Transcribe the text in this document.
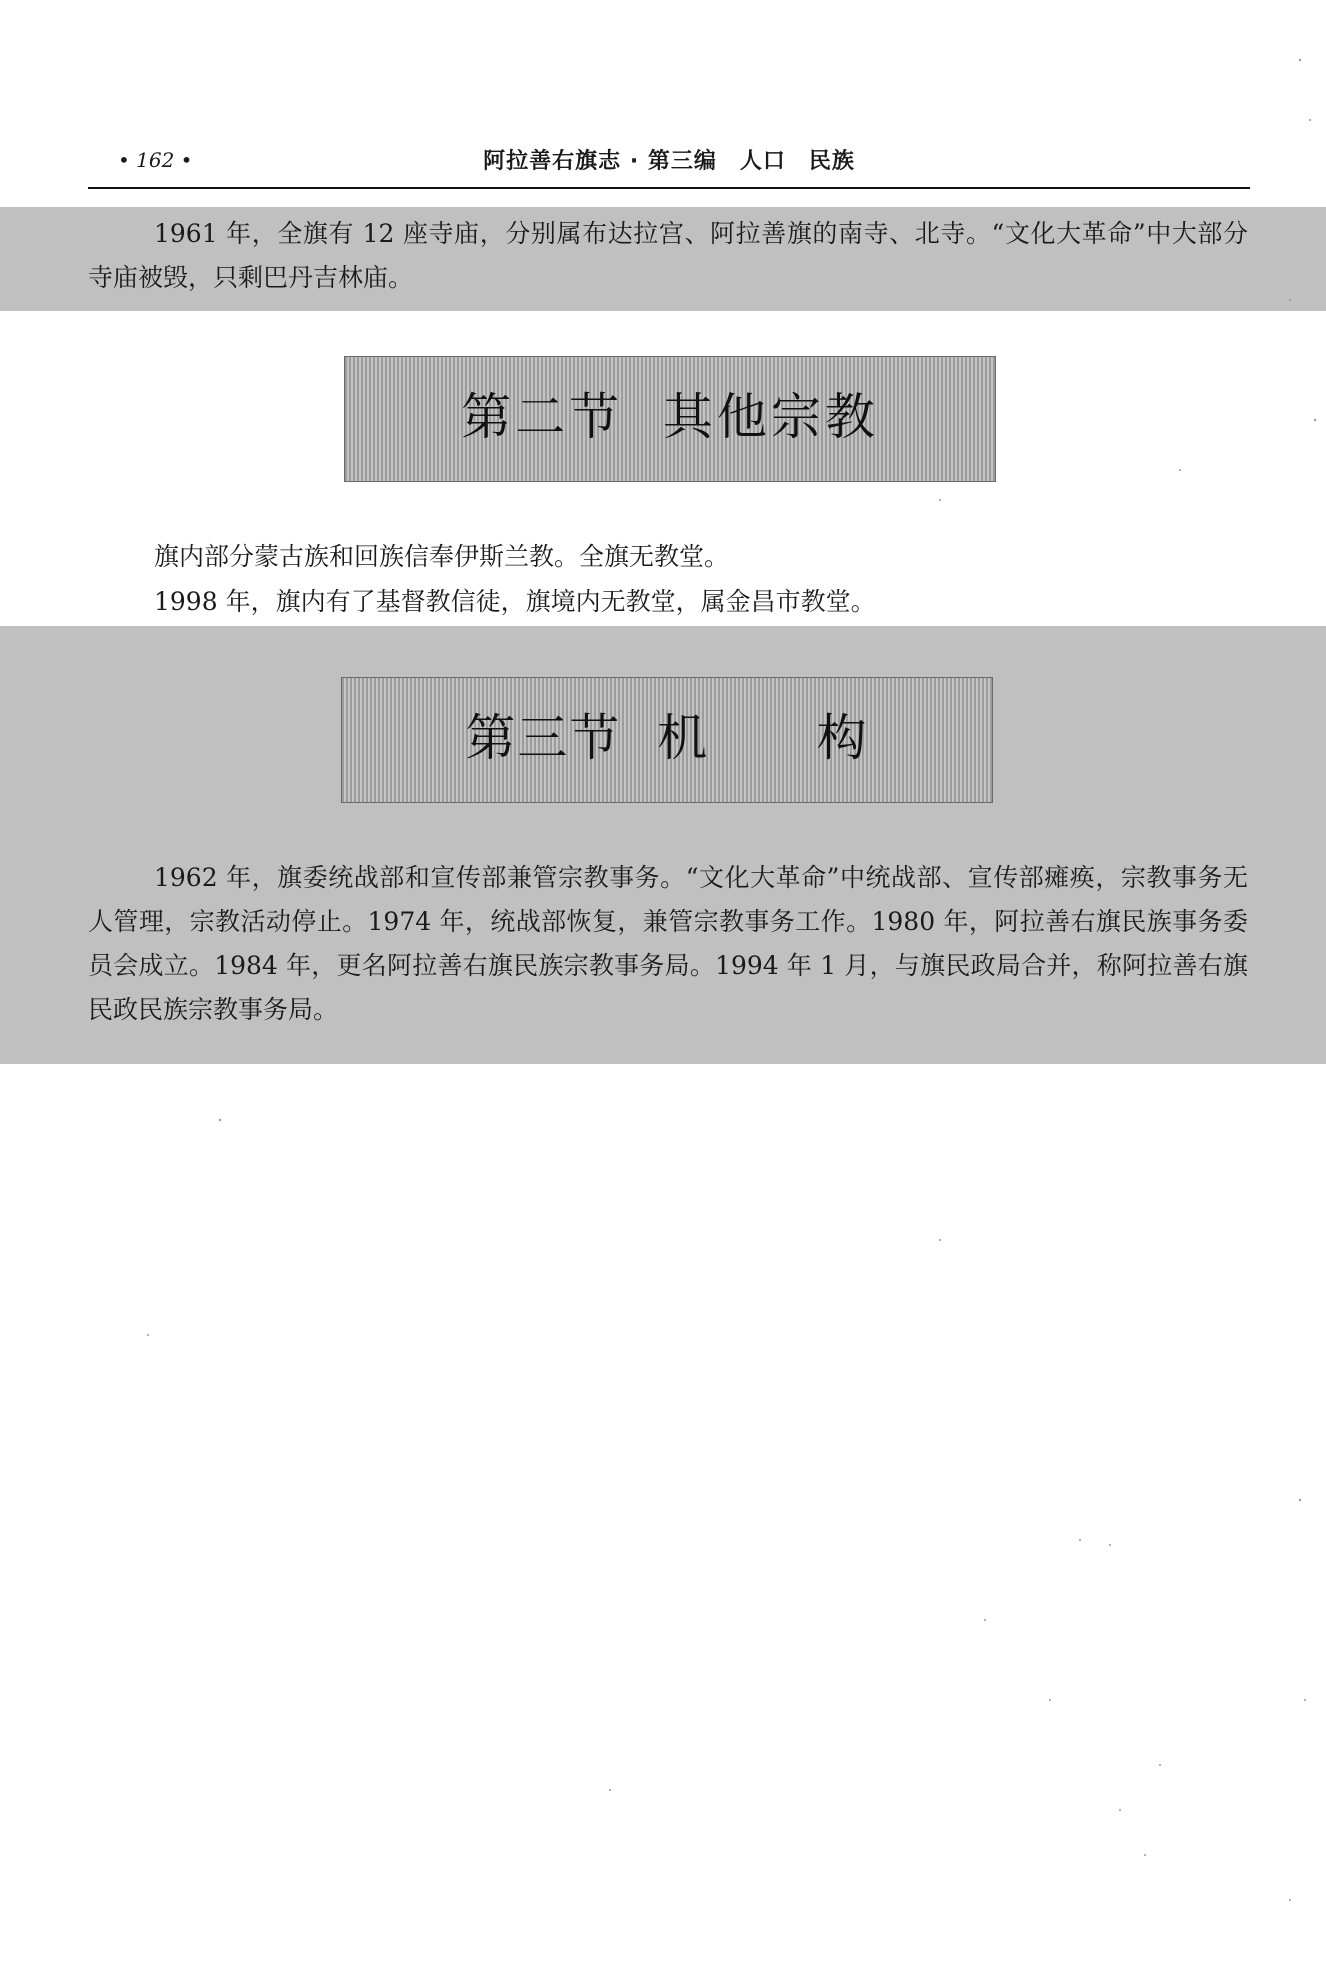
• 162 •	阿拉善右旗志 · 第三编　人口　民族

1961 年，全旗有 12 座寺庙，分别属布达拉宫、阿拉善旗的南寺、北寺。“文化大革命”中大部分寺庙被毁，只剩巴丹吉林庙。

第二节  其他宗教

旗内部分蒙古族和回族信奉伊斯兰教。全旗无教堂。

1998 年，旗内有了基督教信徒，旗境内无教堂，属金昌市教堂。

第三节  机      构

1962 年，旗委统战部和宣传部兼管宗教事务。“文化大革命”中统战部、宣传部瘫痪，宗教事务无人管理，宗教活动停止。1974 年，统战部恢复，兼管宗教事务工作。1980 年，阿拉善右旗民族事务委员会成立。1984 年，更名阿拉善右旗民族宗教事务局。1994 年 1 月，与旗民政局合并，称阿拉善右旗民政民族宗教事务局。
